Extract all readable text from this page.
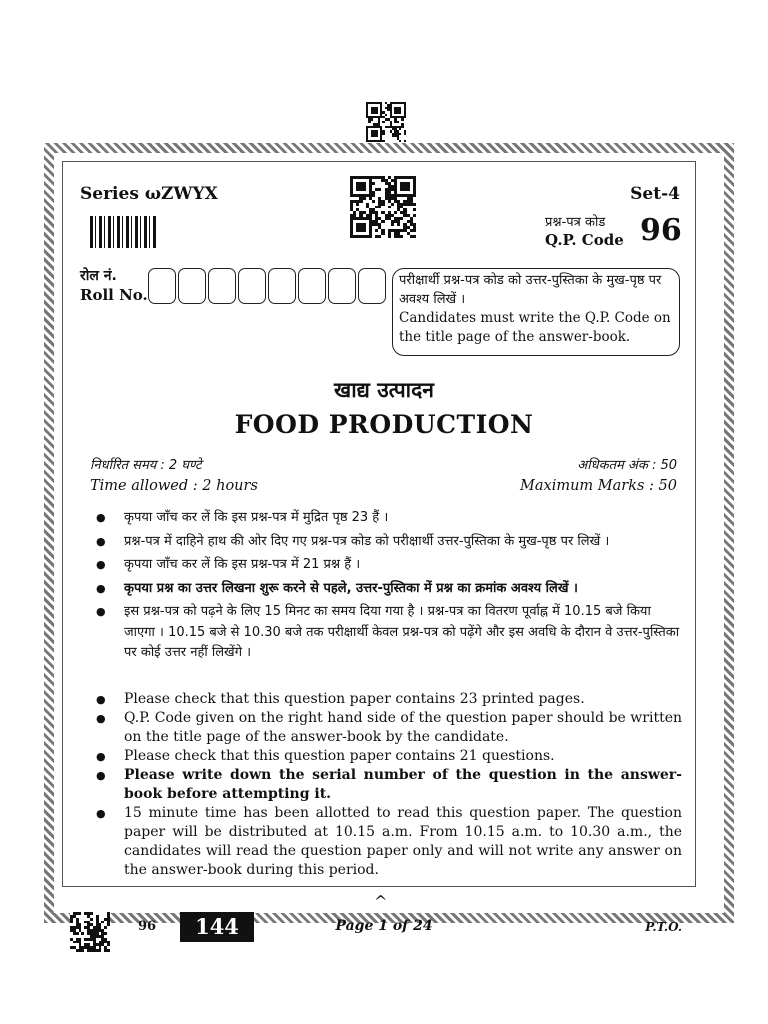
Series ωZWYX	Set-4
प्रश्न-पत्र कोड
Q.P. Code 96
रोल नं.
Roll No.
परीक्षार्थी प्रश्न-पत्र कोड को उत्तर-पुस्तिका के मुख-पृष्ठ पर अवश्य लिखें ।
Candidates must write the Q.P. Code on the title page of the answer-book.
खाद्य उत्पादन
FOOD PRODUCTION
निर्धारित समय : 2 घण्टे	अधिकतम अंक : 50
Time allowed : 2 hours	Maximum Marks : 50
● कृपया जाँच कर लें कि इस प्रश्न-पत्र में मुद्रित पृष्ठ 23 हैं ।
● प्रश्न-पत्र में दाहिने हाथ की ओर दिए गए प्रश्न-पत्र कोड को परीक्षार्थी उत्तर-पुस्तिका के मुख-पृष्ठ पर लिखें ।
● कृपया जाँच कर लें कि इस प्रश्न-पत्र में 21 प्रश्न हैं ।
● कृपया प्रश्न का उत्तर लिखना शुरू करने से पहले, उत्तर-पुस्तिका में प्रश्न का क्रमांक अवश्य लिखें ।
● इस प्रश्न-पत्र को पढ़ने के लिए 15 मिनट का समय दिया गया है । प्रश्न-पत्र का वितरण पूर्वाह्न में 10.15 बजे किया जाएगा । 10.15 बजे से 10.30 बजे तक परीक्षार्थी केवल प्रश्न-पत्र को पढ़ेंगे और इस अवधि के दौरान वे उत्तर-पुस्तिका पर कोई उत्तर नहीं लिखेंगे ।
● Please check that this question paper contains 23 printed pages.
● Q.P. Code given on the right hand side of the question paper should be written on the title page of the answer-book by the candidate.
● Please check that this question paper contains 21 questions.
● Please write down the serial number of the question in the answer-book before attempting it.
● 15 minute time has been allotted to read this question paper. The question paper will be distributed at 10.15 a.m. From 10.15 a.m. to 10.30 a.m., the candidates will read the question paper only and will not write any answer on the answer-book during this period.
^
96	144	Page 1 of 24	P.T.O.
